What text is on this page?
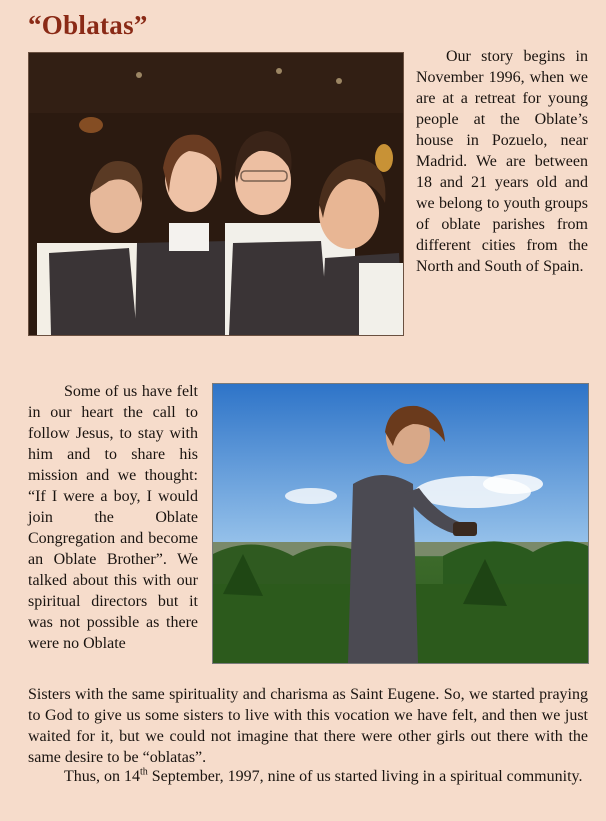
“Oblatas”

Our story begins in November 1996, when we are at a retreat for young people at the Oblate’s house in Pozuelo, near Madrid. We are between 18 and 21 years old and we belong to youth groups of oblate parishes from different cities from the North and South of Spain.

Some of us have felt in our heart the call to follow Jesus, to stay with him and to share his mission and we thought: “If I were a boy, I would join the Oblate Congregation and become an Oblate Brother”. We talked about this with our spiritual directors but it was not possible as there were no Oblate

Sisters with the same spirituality and charisma as Saint Eugene. So, we started praying to God to give us some sisters to live with this vocation we have felt, and then we just waited for it, but we could not imagine that there were other girls out there with the same desire to be “oblatas”.

Thus, on 14th September, 1997, nine of us started living in a spiritual community.
